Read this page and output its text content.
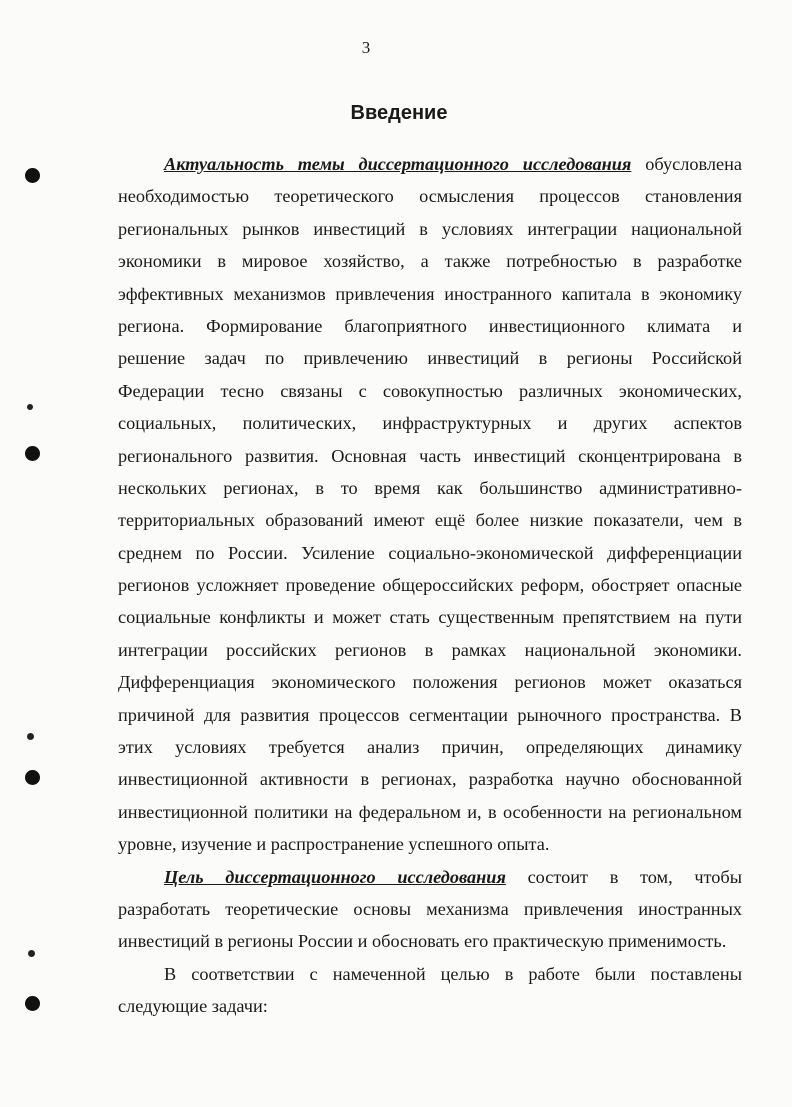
3
Введение
Актуальность темы диссертационного исследования обусловлена
необходимостью теоретического осмысления процессов становления
региональных рынков инвестиций в условиях интеграции национальной
экономики в мировое хозяйство, а также потребностью в разработке
эффективных механизмов привлечения иностранного капитала в экономику
региона. Формирование благоприятного инвестиционного климата и
решение задач по привлечению инвестиций в регионы Российской
Федерации тесно связаны с совокупностью различных экономических,
социальных, политических, инфраструктурных и других аспектов
регионального развития. Основная часть инвестиций сконцентрирована в
нескольких регионах, в то время как большинство административно-
территориальных образований имеют ещё более низкие показатели, чем в
среднем по России. Усиление социально-экономической дифференциации
регионов усложняет проведение общероссийских реформ, обостряет опасные
социальные конфликты и может стать существенным препятствием на пути
интеграции российских регионов в рамках национальной экономики.
Дифференциация экономического положения регионов может оказаться
причиной для развития процессов сегментации рыночного пространства. В
этих условиях требуется анализ причин, определяющих динамику
инвестиционной активности в регионах, разработка научно обоснованной
инвестиционной политики на федеральном и, в особенности на региональном
уровне, изучение и распространение успешного опыта.
Цель диссертационного исследования состоит в том, чтобы
разработать теоретические основы механизма привлечения иностранных
инвестиций в регионы России и обосновать его практическую применимость.
В соответствии с намеченной целью в работе были поставлены
следующие задачи:
